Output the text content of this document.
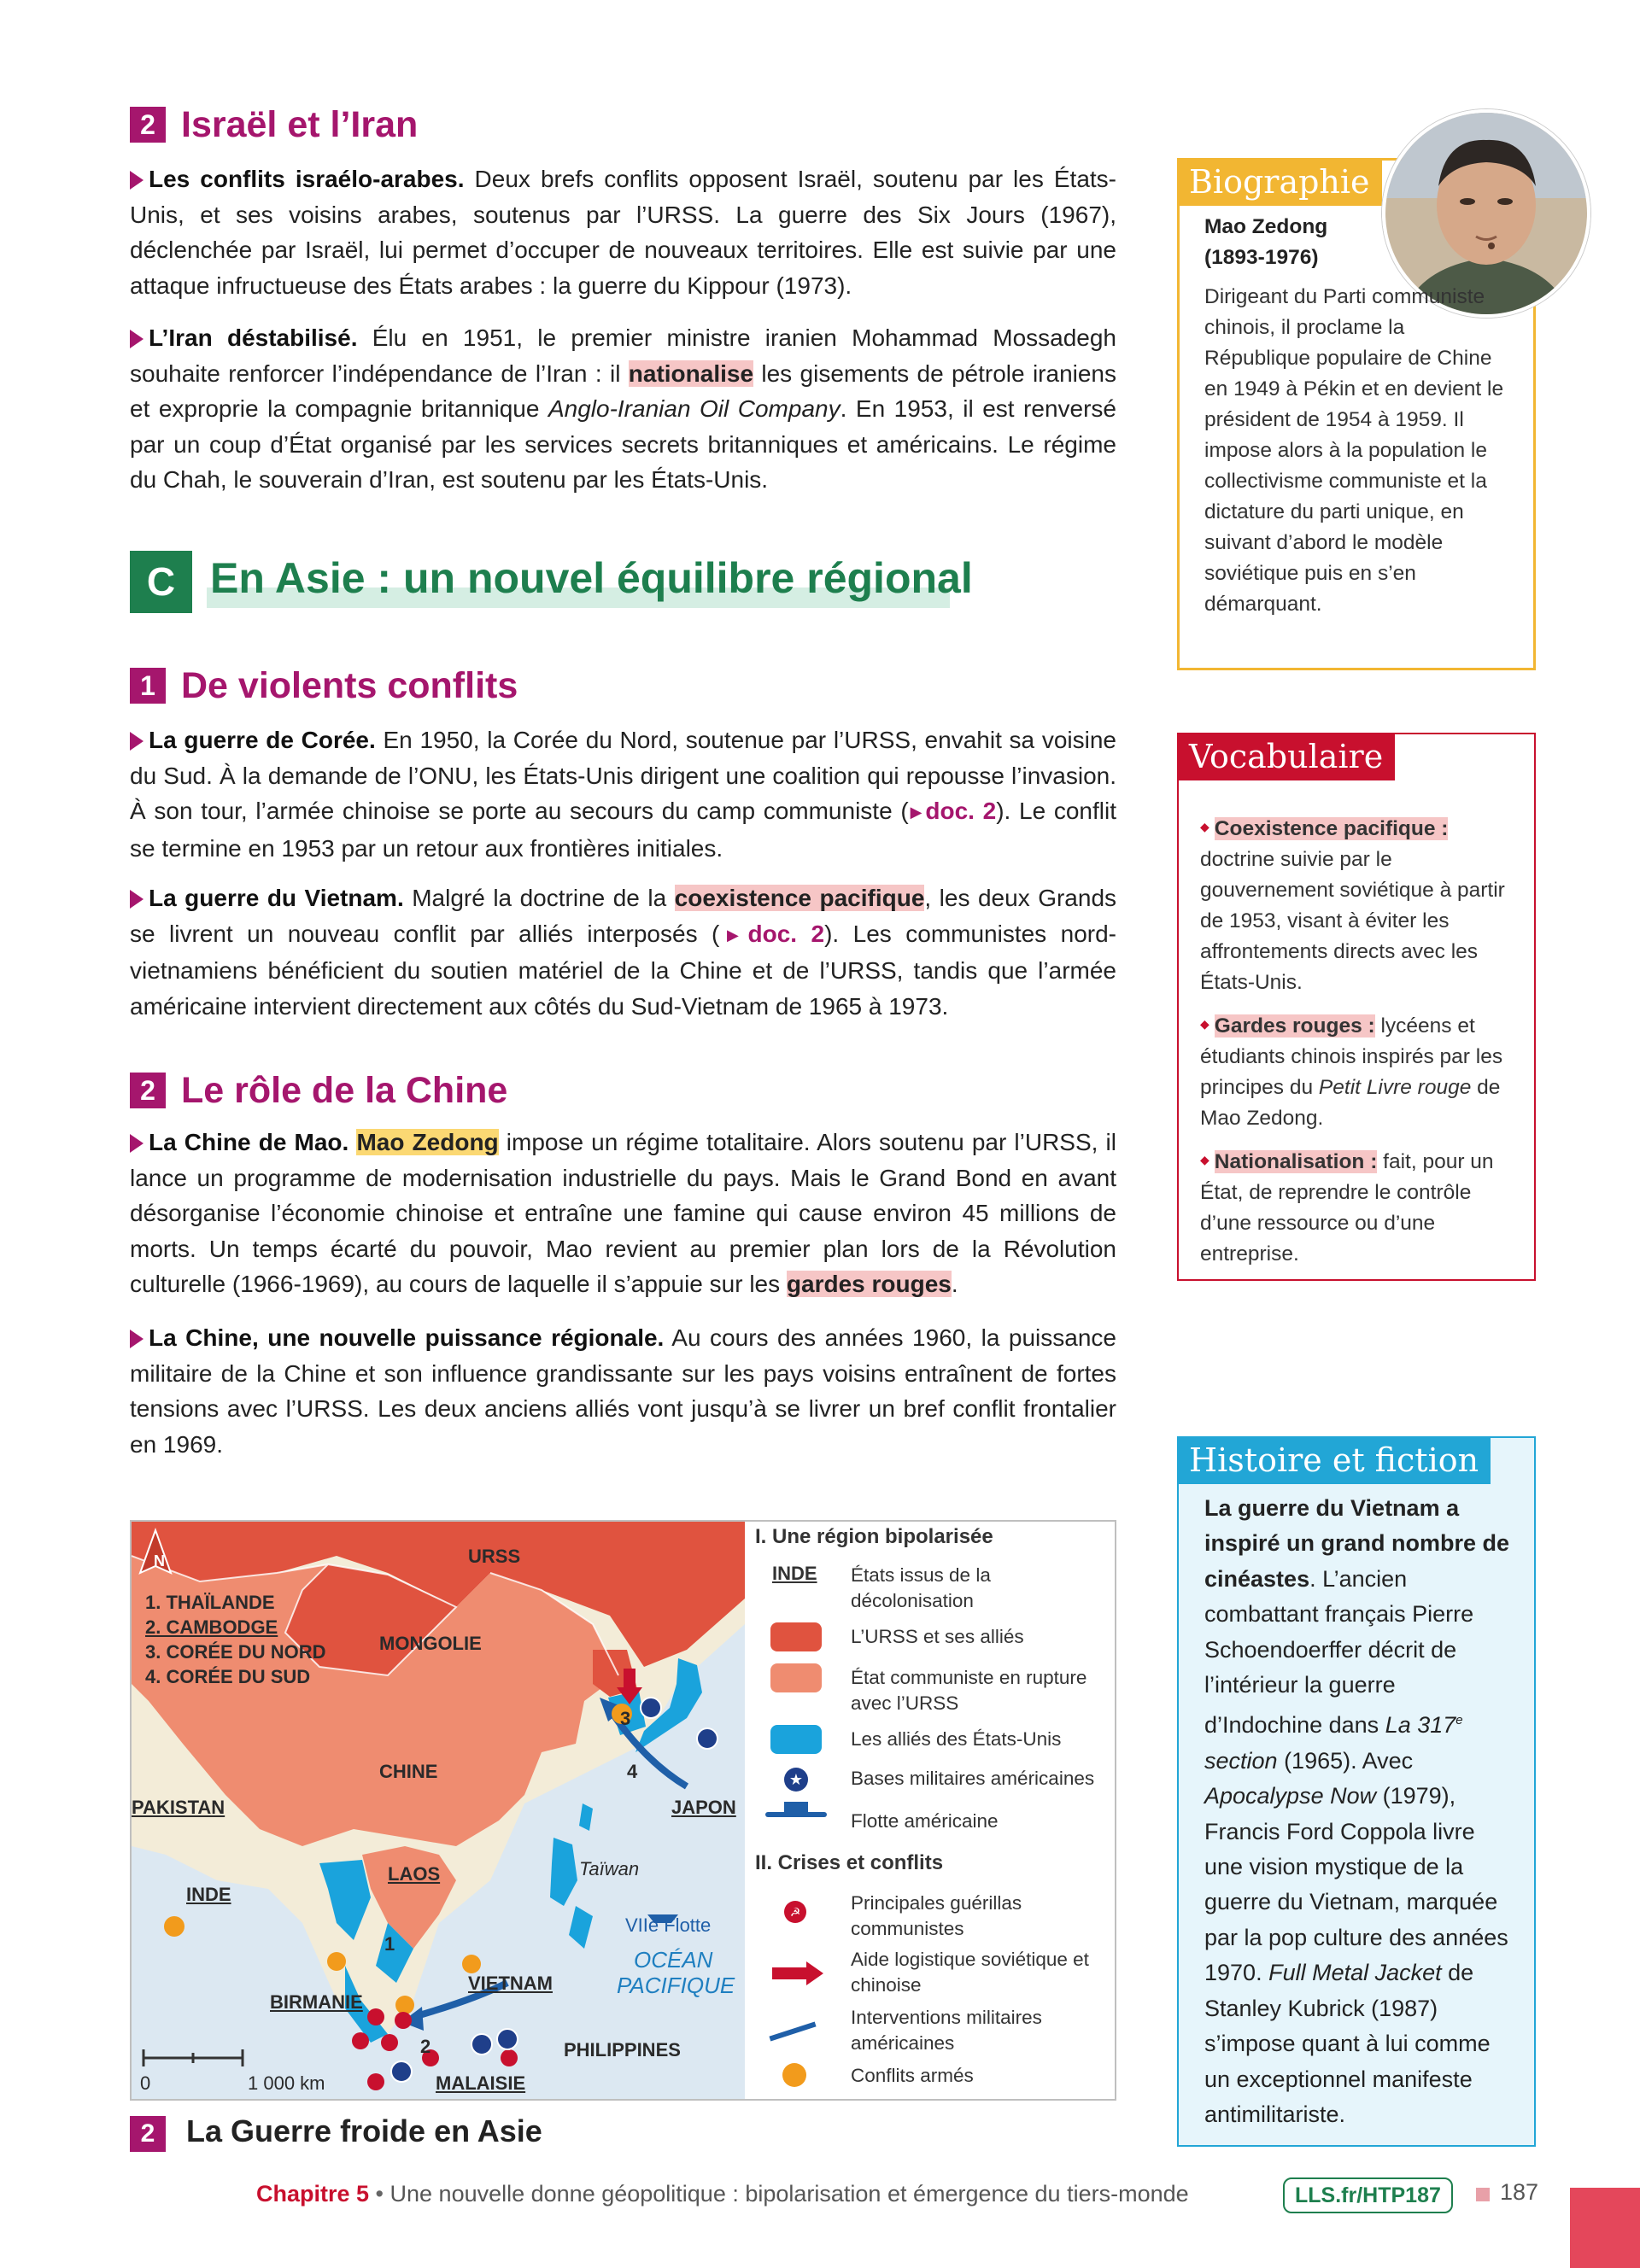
2 Israël et l’Iran
Les conflits israélo-arabes. Deux brefs conflits opposent Israël, soutenu par les États-Unis, et ses voisins arabes, soutenus par l’URSS. La guerre des Six Jours (1967), déclenchée par Israël, lui permet d’occuper de nouveaux territoires. Elle est suivie par une attaque infructueuse des États arabes : la guerre du Kippour (1973).
L’Iran déstabilisé. Élu en 1951, le premier ministre iranien Mohammad Mossadegh souhaite renforcer l’indépendance de l’Iran : il nationalise les gisements de pétrole iraniens et exproprie la compagnie britannique Anglo-Iranian Oil Company. En 1953, il est renversé par un coup d’État organisé par les services secrets britanniques et américains. Le régime du Chah, le souverain d’Iran, est soutenu par les États-Unis.
C En Asie : un nouvel équilibre régional
1 De violents conflits
La guerre de Corée. En 1950, la Corée du Nord, soutenue par l’URSS, envahit sa voisine du Sud. À la demande de l’ONU, les États-Unis dirigent une coalition qui repousse l’invasion. À son tour, l’armée chinoise se porte au secours du camp communiste ( ▶ doc. 2). Le conflit se termine en 1953 par un retour aux frontières initiales.
La guerre du Vietnam. Malgré la doctrine de la coexistence pacifique, les deux Grands se livrent un nouveau conflit par alliés interposés ( ▶ doc. 2). Les communistes nord-vietnamiens bénéficient du soutien matériel de la Chine et de l’URSS, tandis que l’armée américaine intervient directement aux côtés du Sud-Vietnam de 1965 à 1973.
2 Le rôle de la Chine
La Chine de Mao. Mao Zedong impose un régime totalitaire. Alors soutenu par l’URSS, il lance un programme de modernisation industrielle du pays. Mais le Grand Bond en avant désorganise l’économie chinoise et entraîne une famine qui cause environ 45 millions de morts. Un temps écarté du pouvoir, Mao revient au premier plan lors de la Révolution culturelle (1966-1969), au cours de laquelle il s’appuie sur les gardes rouges.
La Chine, une nouvelle puissance régionale. Au cours des années 1960, la puissance militaire de la Chine et son influence grandissante sur les pays voisins entraînent de fortes tensions avec l’URSS. Les deux anciens alliés vont jusqu’à se livrer un bref conflit frontalier en 1969.
Biographie
Mao Zedong
(1893-1976)
Dirigeant du Parti communiste chinois, il proclame la République populaire de Chine en 1949 à Pékin et en devient le président de 1954 à 1959. Il impose alors à la population le collectivisme communiste et la dictature du parti unique, en suivant d’abord le modèle soviétique puis en s’en démarquant.
Vocabulaire
◆ Coexistence pacifique : doctrine suivie par le gouvernement soviétique à partir de 1953, visant à éviter les affrontements directs avec les États-Unis.
◆ Gardes rouges : lycéens et étudiants chinois inspirés par les principes du Petit Livre rouge de Mao Zedong.
◆ Nationalisation : fait, pour un État, de reprendre le contrôle d’une ressource ou d’une entreprise.
Histoire et fiction
La guerre du Vietnam a inspiré un grand nombre de cinéastes. L’ancien combattant français Pierre Schoendoerffer décrit de l’intérieur la guerre d’Indochine dans La 317e section (1965). Avec Apocalypse Now (1979), Francis Ford Coppola livre une vision mystique de la guerre du Vietnam, marquée par la pop culture des années 1970. Full Metal Jacket de Stanley Kubrick (1987) s’impose quant à lui comme un exceptionnel manifeste antimilitariste.
N
1. THAÏLANDE
2. CAMBODGE
3. CORÉE DU NORD
4. CORÉE DU SUD
URSS
MONGOLIE
CHINE
PAKISTAN
INDE
LAOS
BIRMANIE
VIETNAM
MALAISIE
PHILIPPINES
JAPON
Taïwan
VIIe Flotte
OCÉAN
PACIFIQUE
1
2
3
4
0	1 000 km
I. Une région bipolarisée
INDE États issus de la décolonisation
L’URSS et ses alliés
État communiste en rupture avec l’URSS
Les alliés des États-Unis
★ Bases militaires américaines
Flotte américaine
II. Crises et conflits
☭	Principales guérillas communistes
Aide logistique soviétique et chinoise
Interventions militaires américaines
Conflits armés
2	La Guerre froide en Asie
Chapitre 5 • Une nouvelle donne géopolitique : bipolarisation et émergence du tiers-monde	LLS.fr/HTP187	187
